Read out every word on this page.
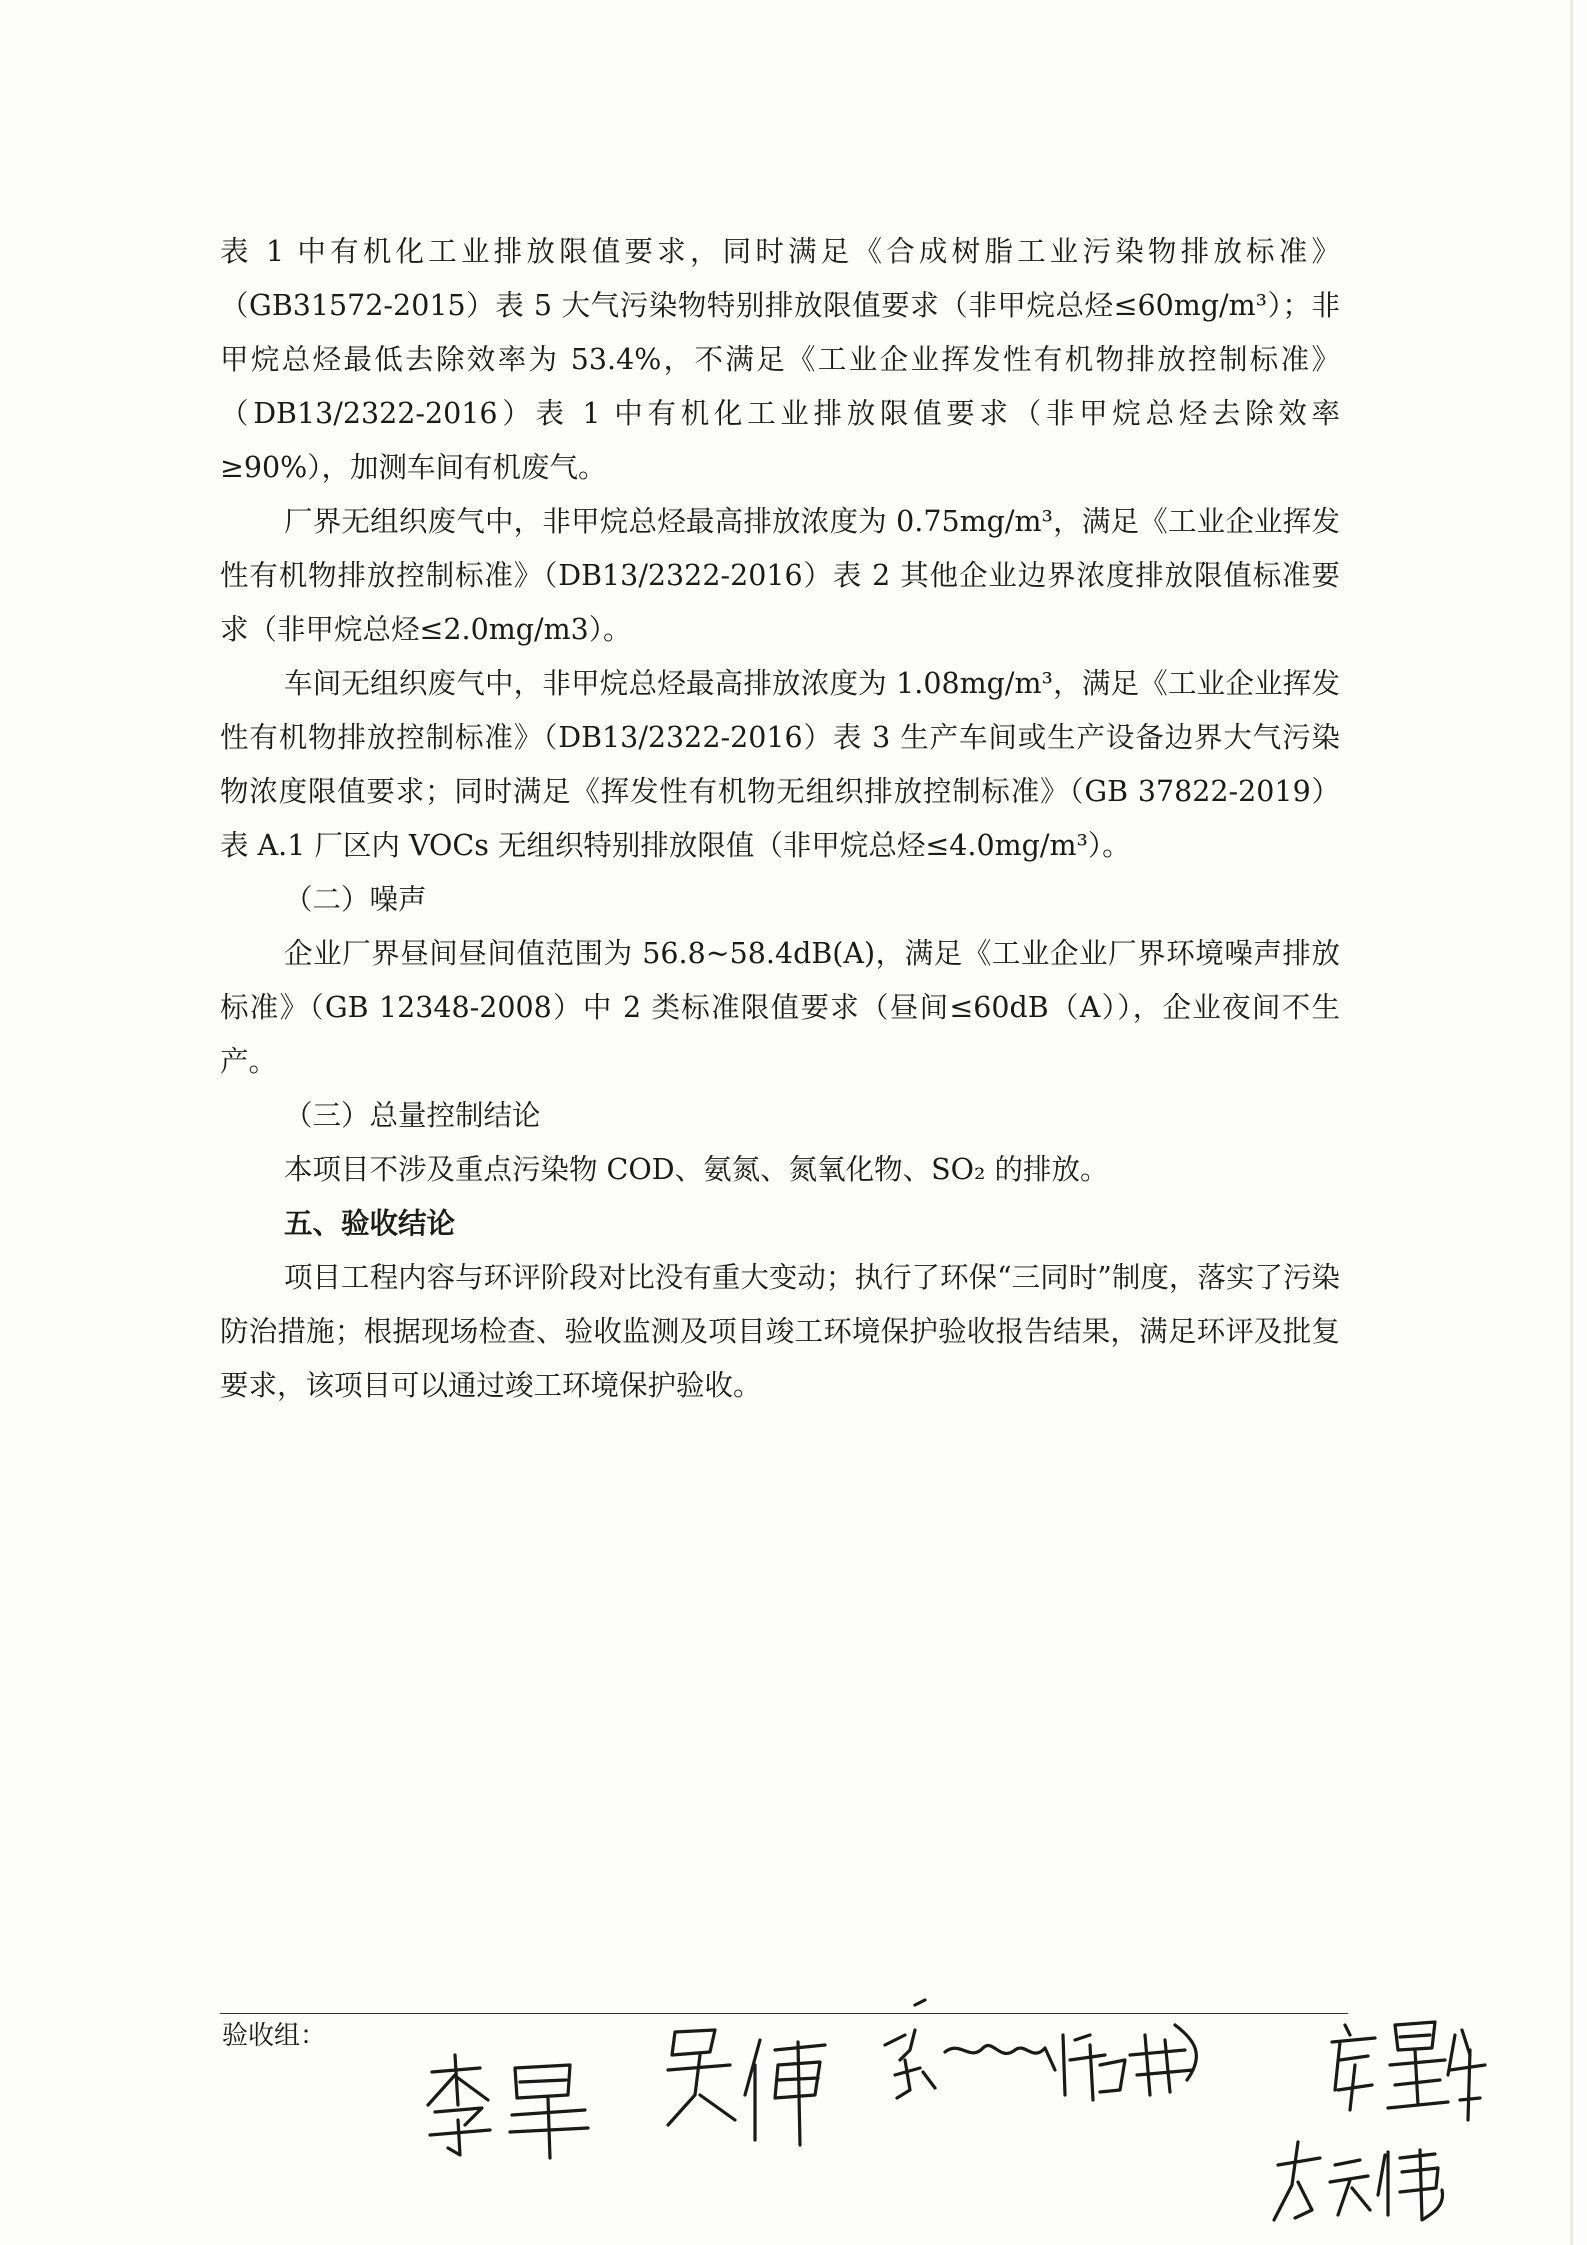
表 1 中有机化工业排放限值要求，同时满足《合成树脂工业污染物排放标准》（GB31572-2015）表 5 大气污染物特别排放限值要求（非甲烷总烃≤60mg/m³）；非甲烷总烃最低去除效率为 53.4%，不满足《工业企业挥发性有机物排放控制标准》（DB13/2322-2016）表 1 中有机化工业排放限值要求（非甲烷总烃去除效率≥90%），加测车间有机废气。

厂界无组织废气中，非甲烷总烃最高排放浓度为 0.75mg/m³，满足《工业企业挥发性有机物排放控制标准》（DB13/2322-2016）表 2 其他企业边界浓度排放限值标准要求（非甲烷总烃≤2.0mg/m3）。

车间无组织废气中，非甲烷总烃最高排放浓度为 1.08mg/m³，满足《工业企业挥发性有机物排放控制标准》（DB13/2322-2016）表 3 生产车间或生产设备边界大气污染物浓度限值要求；同时满足《挥发性有机物无组织排放控制标准》（GB 37822-2019）表 A.1 厂区内 VOCs 无组织特别排放限值（非甲烷总烃≤4.0mg/m³）。

（二）噪声

企业厂界昼间昼间值范围为 56.8~58.4dB(A)，满足《工业企业厂界环境噪声排放标准》（GB 12348-2008）中 2 类标准限值要求（昼间≤60dB（A）），企业夜间不生产。

（三）总量控制结论

本项目不涉及重点污染物 COD、氨氮、氮氧化物、SO₂ 的排放。

五、验收结论

项目工程内容与环评阶段对比没有重大变动；执行了环保“三同时”制度，落实了污染防治措施；根据现场检查、验收监测及项目竣工环境保护验收报告结果，满足环评及批复要求，该项目可以通过竣工环境保护验收。

验收组：
